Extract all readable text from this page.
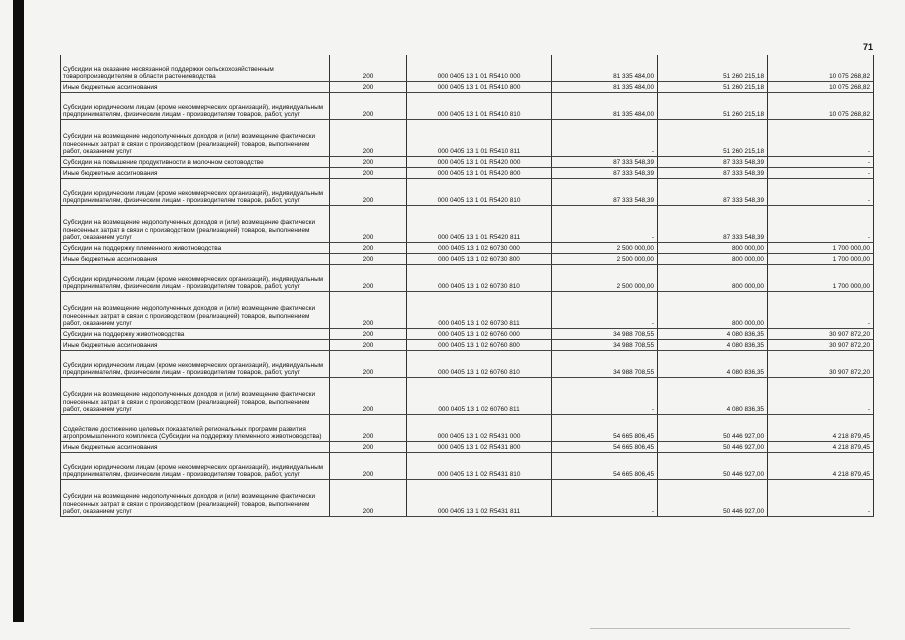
71
Субсидии на оказание несвязанной поддержки сельскохозяйственным товаропроизводителям в области растениеводства	200	000 0405 13 1 01 R5410 000	81 335 484,00	51 260 215,18	10 075 268,82
Иные бюджетные ассигнования	200	000 0405 13 1 01 R5410 800	81 335 484,00	51 260 215,18	10 075 268,82
Субсидии юридическим лицам (кроме некоммерческих организаций), индивидуальным предпринимателям, физическим лицам - производителям товаров, работ, услуг	200	000 0405 13 1 01 R5410 810	81 335 484,00	51 260 215,18	10 075 268,82
Субсидии на возмещение недополученных доходов и (или) возмещение фактически понесенных затрат в связи с производством (реализацией) товаров, выполнением работ, оказанием услуг	200	000 0405 13 1 01 R5410 811	-	51 260 215,18	-
Субсидии на повышение продуктивности в молочном скотоводстве	200	000 0405 13 1 01 R5420 000	87 333 548,39	87 333 548,39	-
Иные бюджетные ассигнования	200	000 0405 13 1 01 R5420 800	87 333 548,39	87 333 548,39	-
Субсидии юридическим лицам (кроме некоммерческих организаций), индивидуальным предпринимателям, физическим лицам - производителям товаров, работ, услуг	200	000 0405 13 1 01 R5420 810	87 333 548,39	87 333 548,39	-
Субсидии на возмещение недополученных доходов и (или) возмещение фактически понесенных затрат в связи с производством (реализацией) товаров, выполнением работ, оказанием услуг	200	000 0405 13 1 01 R5420 811	-	87 333 548,39	-
Субсидии на поддержку племенного животноводства	200	000 0405 13 1 02 60730 000	2 500 000,00	800 000,00	1 700 000,00
Иные бюджетные ассигнования	200	000 0405 13 1 02 60730 800	2 500 000,00	800 000,00	1 700 000,00
Субсидии юридическим лицам (кроме некоммерческих организаций), индивидуальным предпринимателям, физическим лицам - производителям товаров, работ, услуг	200	000 0405 13 1 02 60730 810	2 500 000,00	800 000,00	1 700 000,00
Субсидии на возмещение недополученных доходов и (или) возмещение фактически понесенных затрат в связи с производством (реализацией) товаров, выполнением работ, оказанием услуг	200	000 0405 13 1 02 60730 811	-	800 000,00	-
Субсидии на поддержку животноводства	200	000 0405 13 1 02 60760 000	34 988 708,55	4 080 836,35	30 907 872,20
Иные бюджетные ассигнования	200	000 0405 13 1 02 60760 800	34 988 708,55	4 080 836,35	30 907 872,20
Субсидии юридическим лицам (кроме некоммерческих организаций), индивидуальным предпринимателям, физическим лицам - производителям товаров, работ, услуг	200	000 0405 13 1 02 60760 810	34 988 708,55	4 080 836,35	30 907 872,20
Субсидии на возмещение недополученных доходов и (или) возмещение фактически понесенных затрат в связи с производством (реализацией) товаров, выполнением работ, оказанием услуг	200	000 0405 13 1 02 60760 811	-	4 080 836,35	-
Содействие достижению целевых показателей региональных программ развития агропромышленного комплекса (Субсидии на поддержку племенного животноводства)	200	000 0405 13 1 02 R5431 000	54 665 806,45	50 446 927,00	4 218 879,45
Иные бюджетные ассигнования	200	000 0405 13 1 02 R5431 800	54 665 806,45	50 446 927,00	4 218 879,45
Субсидии юридическим лицам (кроме некоммерческих организаций), индивидуальным предпринимателям, физическим лицам - производителям товаров, работ, услуг	200	000 0405 13 1 02 R5431 810	54 665 806,45	50 446 927,00	4 218 879,45
Субсидии на возмещение недополученных доходов и (или) возмещение фактически понесенных затрат в связи с производством (реализацией) товаров, выполнением работ, оказанием услуг	200	000 0405 13 1 02 R5431 811	-	50 446 927,00	-
